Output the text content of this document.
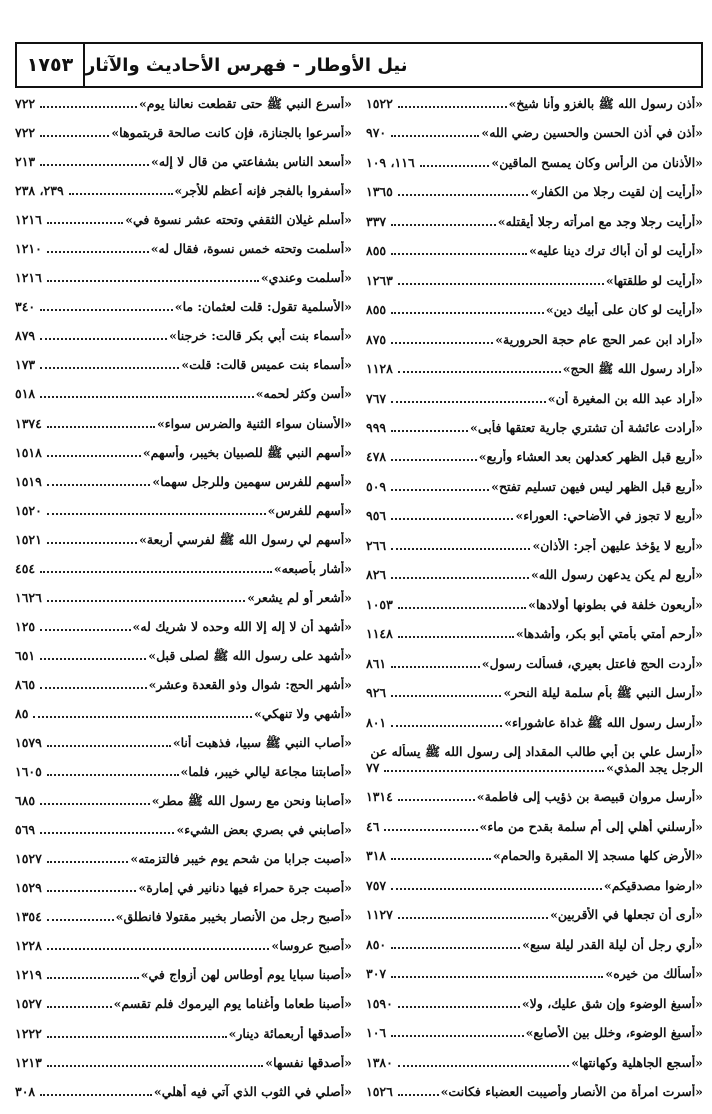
١٧٥٣ نيل الأوطار - فهرس الأحاديث والآثار
١٥٢٢	«أذن رسول الله ﷺ بالغزو وأنا شيخ»
٩٧٠	«أذن في أذن الحسن والحسين رضي الله»
١١٦، ١٠٩	«الأذنان من الرأس وكان يمسح الماقين»
١٣٦٥	«أرأيت إن لقيت رجلا من الكفار»
٣٣٧	«أرأيت رجلا وجد مع امرأته رجلا أيقتله»
٨٥٥	«أرأيت لو أن أباك ترك دينا عليه»
١٢٦٣	«أرأيت لو طلقتها»
٨٥٥	«أرأيت لو كان على أبيك دين»
٨٧٥	«أراد ابن عمر الحج عام حجة الحرورية»
١١٢٨	«أراد رسول الله ﷺ الحج»
٧٦٧	«أراد عبد الله بن المغيرة أن»
٩٩٩	«أرادت عائشة أن تشتري جارية تعتقها فأبى»
٤٧٨	«أربع قبل الظهر كعدلهن بعد العشاء وأربع»
٥٠٩	«أربع قبل الظهر ليس فيهن تسليم تفتح»
٩٥٦	«أربع لا تجوز في الأضاحي: العوراء»
٢٦٦	«أربع لا يؤخذ عليهن أجر: الأذان»
٨٢٦	«أربع لم يكن يدعهن رسول الله»
١٠٥٣	«أربعون خلفة في بطونها أولادها»
١١٤٨	«أرحم أمتي بأمتي أبو بكر، وأشدها»
٨٦١	«أردت الحج فاعتل بعيري، فسألت رسول»
٩٢٦	«أرسل النبي ﷺ بأم سلمة ليلة النحر»
٨٠١	«أرسل رسول الله ﷺ غداة عاشوراء»
«أرسل علي بن أبي طالب المقداد إلى رسول الله ﷺ يسأله عن
٧٧	الرجل يجد المذي»
١٣١٤	«أرسل مروان قبيصة بن ذؤيب إلى فاطمة»
٤٦	«أرسلني أهلي إلى أم سلمة بقدح من ماء»
٣١٨	«الأرض كلها مسجد إلا المقبرة والحمام»
٧٥٧	«ارضوا مصدقيكم»
١١٢٧	«أرى أن تجعلها في الأقربين»
٨٥٠	«أري رجل أن ليلة القدر ليلة سبع»
٣٠٧	«أسألك من خيره»
١٥٩٠	«أسبغ الوضوء وإن شق عليك، ولا»
١٠٦	«أسبغ الوضوء، وخلل بين الأصابع»
١٣٨٠	«أسجع الجاهلية وكهانتها»
١٥٢٦	«أسرت امرأة من الأنصار وأصيبت العضباء فكانت»
٧٢٢	«أسرع النبي ﷺ حتى تقطعت نعالنا يوم»
٧٢٢	«أسرعوا بالجنازة، فإن كانت صالحة قربتموها»
٢١٣	«أسعد الناس بشفاعتي من قال لا إله»
٢٣٩، ٢٣٨	«أسفروا بالفجر فإنه أعظم للأجر»
١٢١٦	«أسلم غيلان الثقفي وتحته عشر نسوة في»
١٢١٠	«أسلمت وتحته خمس نسوة، فقال له»
١٢١٦	«أسلمت وعندي»
٣٤٠	«الأسلمية تقول: قلت لعثمان: ما»
٨٧٩	«أسماء بنت أبي بكر قالت: خرجنا»
١٧٣	«أسماء بنت عميس قالت: قلت»
٥١٨	«أسن وكثر لحمه»
١٣٧٤	«الأسنان سواء الثنية والضرس سواء»
١٥١٨	«أسهم النبي ﷺ للصبيان بخيبر، وأسهم»
١٥١٩	«أسهم للفرس سهمين وللرجل سهما»
١٥٢٠	«أسهم للفرس»
١٥٢١	«أسهم لي رسول الله ﷺ لفرسي أربعة»
٤٥٤	«أشار بأصبعه»
١٦٢٦	«أشعر أو لم يشعر»
١٢٥	«أشهد أن لا إله إلا الله وحده لا شريك له»
٦٥١	«أشهد على رسول الله ﷺ لصلى قبل»
٨٦٥	«أشهر الحج: شوال وذو القعدة وعشر»
٨٥	«أشهي ولا تنهكي»
١٥٧٩	«أصاب النبي ﷺ سبيا، فذهبت أنا»
١٦٠٥	«أصابتنا مجاعة ليالي خيبر، فلما»
٦٨٥	«أصابنا ونحن مع رسول الله ﷺ مطر»
٥٦٩	«أصابني في بصري بعض الشيء»
١٥٢٧	«أصبت جرابا من شحم يوم خيبر فالتزمته»
١٥٢٩	«أصبت جرة حمراء فيها دنانير في إمارة»
١٣٥٤	«أصبح رجل من الأنصار بخيبر مقتولا فانطلق»
١٢٢٨	«أصبح عروسا»
١٢١٩	«أصبنا سبايا يوم أوطاس لهن أزواج في»
١٥٢٧	«أصبنا طعاما وأغناما يوم اليرموك فلم تقسم»
١٢٢٢	«أصدقها أربعمائة دينار»
١٢١٣	«أصدقها نفسها»
٣٠٨	«أصلي في الثوب الذي آتي فيه أهلي»
